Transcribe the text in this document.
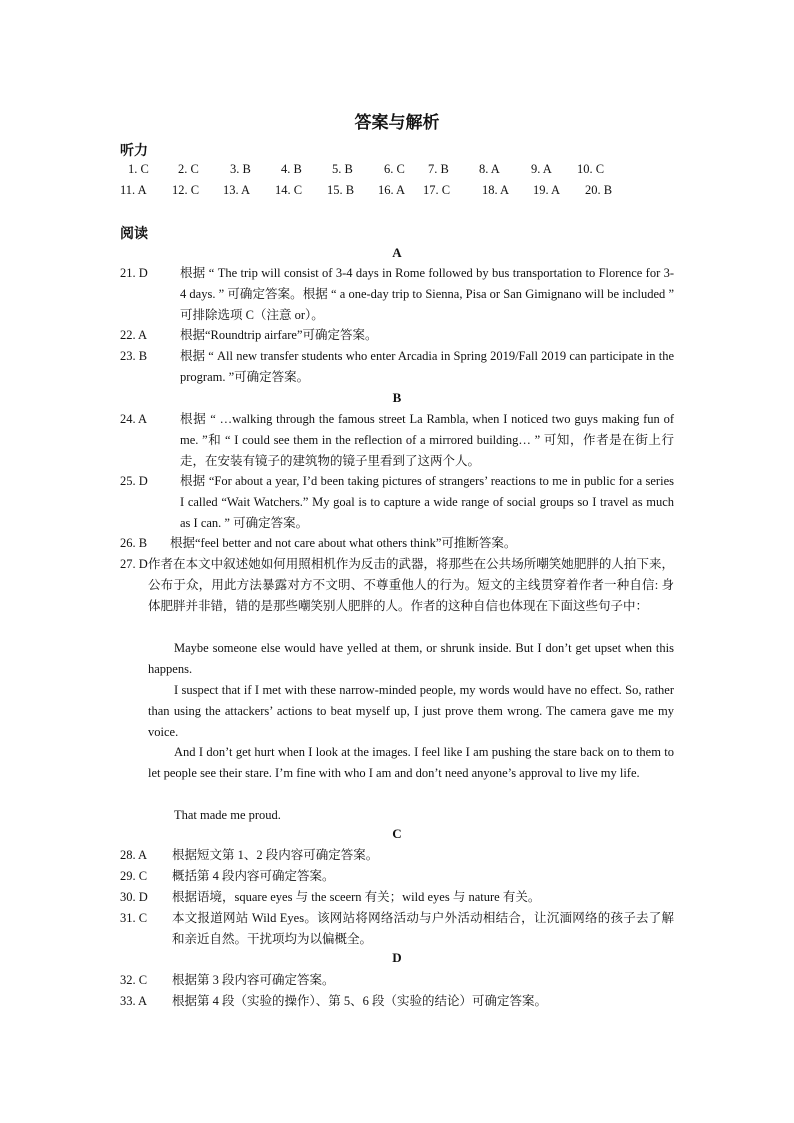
答案与解析
听力
1. C 2. C 3. B 4. B 5. B 6. C 7. B 8. A 9. A 10. C
11. A 12. C 13. A 14. C 15. B 16. A 17. C	18. A 19. A 20. B
阅读
A
21. D	根据 “ The trip will consist of 3-4 days in Rome followed by bus transportation to Florence for 3-4 days. ” 可确定答案。根据 “ a one-day trip to Sienna, Pisa or San Gimignano will be included ” 可排除选项 C（注意 or）。
22. A	根据“Roundtrip airfare”可确定答案。
23. B	根据 “ All new transfer students who enter Arcadia in Spring 2019/Fall 2019 can participate in the program. ”可确定答案。
B
24. A	根据 “ …walking through the famous street La Rambla, when I noticed two guys making fun of me. ”和 “ I could see them in the reflection of a mirrored building… ” 可知，作者是在街上行走，在安装有镜子的建筑物的镜子里看到了这两个人。
25. D	根据 “For about a year, I’d been taking pictures of strangers’ reactions to me in public for a series I called “Wait Watchers.” My goal is to capture a wide range of social groups so I travel as much as I can. ” 可确定答案。
26. B	根据“feel better and not care about what others think”可推断答案。
27. D 作者在本文中叙述她如何用照相机作为反击的武器，将那些在公共场所嘲笑她肥胖的人拍下来，公布于众，用此方法暴露对方不文明、不尊重他人的行为。短文的主线贯穿着作者一种自信: 身体肥胖并非错，错的是那些嘲笑别人肥胖的人。作者的这种自信也体现在下面这些句子中：
Maybe someone else would have yelled at them, or shrunk inside. But I don’t get upset when this happens.
I suspect that if I met with these narrow-minded people, my words would have no effect. So, rather than using the attackers’ actions to beat myself up, I just prove them wrong. The camera gave me my voice.
And I don’t get hurt when I look at the images. I feel like I am pushing the stare back on to them to let people see their stare. I’m fine with who I am and don’t need anyone’s approval to live my life.
That made me proud.
C
28. A	根据短文第 1、2 段内容可确定答案。
29. C	概括第 4 段内容可确定答案。
30. D	根据语境，square eyes 与 the sceern 有关；wild eyes 与 nature 有关。
31. C	本文报道网站 Wild Eyes。该网站将网络活动与户外活动相结合，让沉湎网络的孩子去了解和亲近自然。干扰项均为以偏概全。
D
32. C	根据第 3 段内容可确定答案。
33. A	根据第 4 段（实验的操作）、第 5、6 段（实验的结论）可确定答案。
